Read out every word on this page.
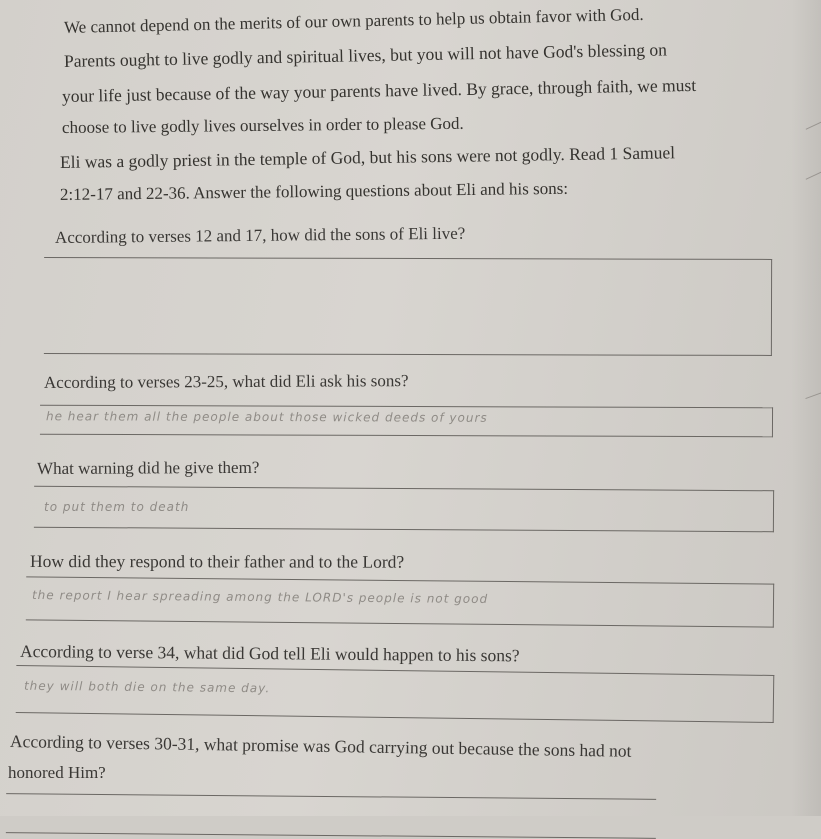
We cannot depend on the merits of our own parents to help us obtain favor with God.
Parents ought to live godly and spiritual lives, but you will not have God's blessing on
your life just because of the way your parents have lived. By grace, through faith, we must
choose to live godly lives ourselves in order to please God.
Eli was a godly priest in the temple of God, but his sons were not godly. Read 1 Samuel
2:12-17 and 22-36. Answer the following questions about Eli and his sons:
According to verses 12 and 17, how did the sons of Eli live?
According to verses 23-25, what did Eli ask his sons?
he hear them all the people about those wicked deeds of yours
What warning did he give them?
to put them to death
How did they respond to their father and to the Lord?
the report I hear spreading among the LORD's people is not good
According to verse 34, what did God tell Eli would happen to his sons?
they will both die on the same day.
According to verses 30-31, what promise was God carrying out because the sons had not
honored Him?
